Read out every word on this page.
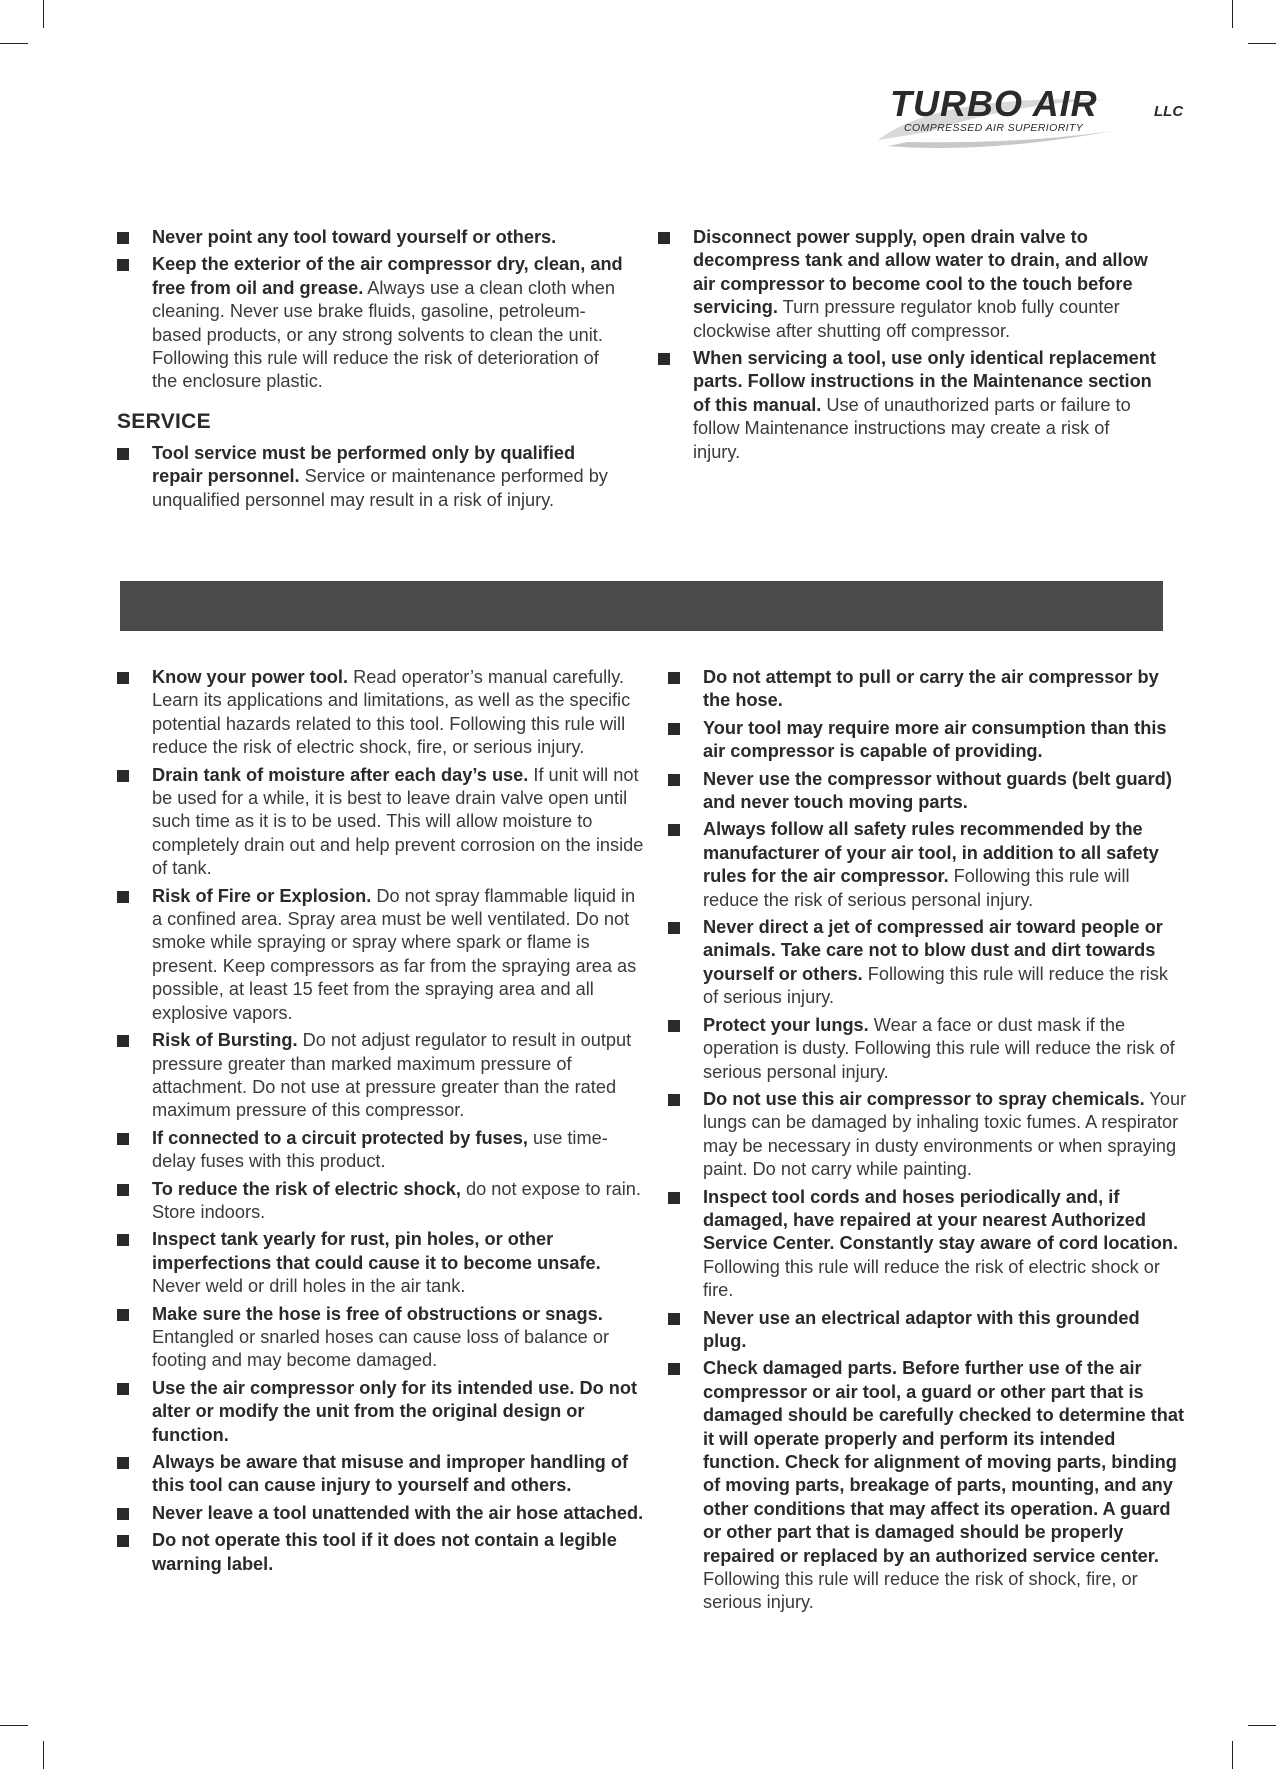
TURBO AIR	LLC
COMPRESSED AIR SUPERIORITY
Never point any tool toward yourself or others.
Keep the exterior of the air compressor dry, clean, and free from oil and grease. Always use a clean cloth when cleaning. Never use brake fluids, gasoline, petroleum-based products, or any strong solvents to clean the unit. Following this rule will reduce the risk of deterioration of the enclosure plastic.
SERVICE
Tool service must be performed only by qualified repair personnel. Service or maintenance performed by unqualified personnel may result in a risk of injury.
Disconnect power supply, open drain valve to decompress tank and allow water to drain, and allow air compressor to become cool to the touch before servicing. Turn pressure regulator knob fully counter clockwise after shutting off compressor.
When servicing a tool, use only identical replacement parts. Follow instructions in the Maintenance section of this manual. Use of unauthorized parts or failure to follow Maintenance instructions may create a risk of injury.
Know your power tool. Read operator’s manual carefully. Learn its applications and limitations, as well as the specific potential hazards related to this tool. Following this rule will reduce the risk of electric shock, fire, or serious injury.
Drain tank of moisture after each day’s use. If unit will not be used for a while, it is best to leave drain valve open until such time as it is to be used. This will allow moisture to completely drain out and help prevent corrosion on the inside of tank.
Risk of Fire or Explosion. Do not spray flammable liquid in a confined area. Spray area must be well ventilated. Do not smoke while spraying or spray where spark or flame is present. Keep compressors as far from the spraying area as possible, at least 15 feet from the spraying area and all explosive vapors.
Risk of Bursting. Do not adjust regulator to result in output pressure greater than marked maximum pressure of attachment. Do not use at pressure greater than the rated maximum pressure of this compressor.
If connected to a circuit protected by fuses, use time-delay fuses with this product.
To reduce the risk of electric shock, do not expose to rain. Store indoors.
Inspect tank yearly for rust, pin holes, or other imperfections that could cause it to become unsafe. Never weld or drill holes in the air tank.
Make sure the hose is free of obstructions or snags. Entangled or snarled hoses can cause loss of balance or footing and may become damaged.
Use the air compressor only for its intended use. Do not alter or modify the unit from the original design or function.
Always be aware that misuse and improper handling of this tool can cause injury to yourself and others.
Never leave a tool unattended with the air hose attached.
Do not operate this tool if it does not contain a legible warning label.
Do not attempt to pull or carry the air compressor by the hose.
Your tool may require more air consumption than this air compressor is capable of providing.
Never use the compressor without guards (belt guard) and never touch moving parts.
Always follow all safety rules recommended by the manufacturer of your air tool, in addition to all safety rules for the air compressor. Following this rule will reduce the risk of serious personal injury.
Never direct a jet of compressed air toward people or animals. Take care not to blow dust and dirt towards yourself or others. Following this rule will reduce the risk of serious injury.
Protect your lungs. Wear a face or dust mask if the operation is dusty. Following this rule will reduce the risk of serious personal injury.
Do not use this air compressor to spray chemicals. Your lungs can be damaged by inhaling toxic fumes. A respirator may be necessary in dusty environments or when spraying paint. Do not carry while painting.
Inspect tool cords and hoses periodically and, if damaged, have repaired at your nearest Authorized Service Center. Constantly stay aware of cord location. Following this rule will reduce the risk of electric shock or fire.
Never use an electrical adaptor with this grounded plug.
Check damaged parts. Before further use of the air compressor or air tool, a guard or other part that is damaged should be carefully checked to determine that it will operate properly and perform its intended function. Check for alignment of moving parts, binding of moving parts, breakage of parts, mounting, and any other conditions that may affect its operation. A guard or other part that is damaged should be properly repaired or replaced by an authorized service center. Following this rule will reduce the risk of shock, fire, or serious injury.
